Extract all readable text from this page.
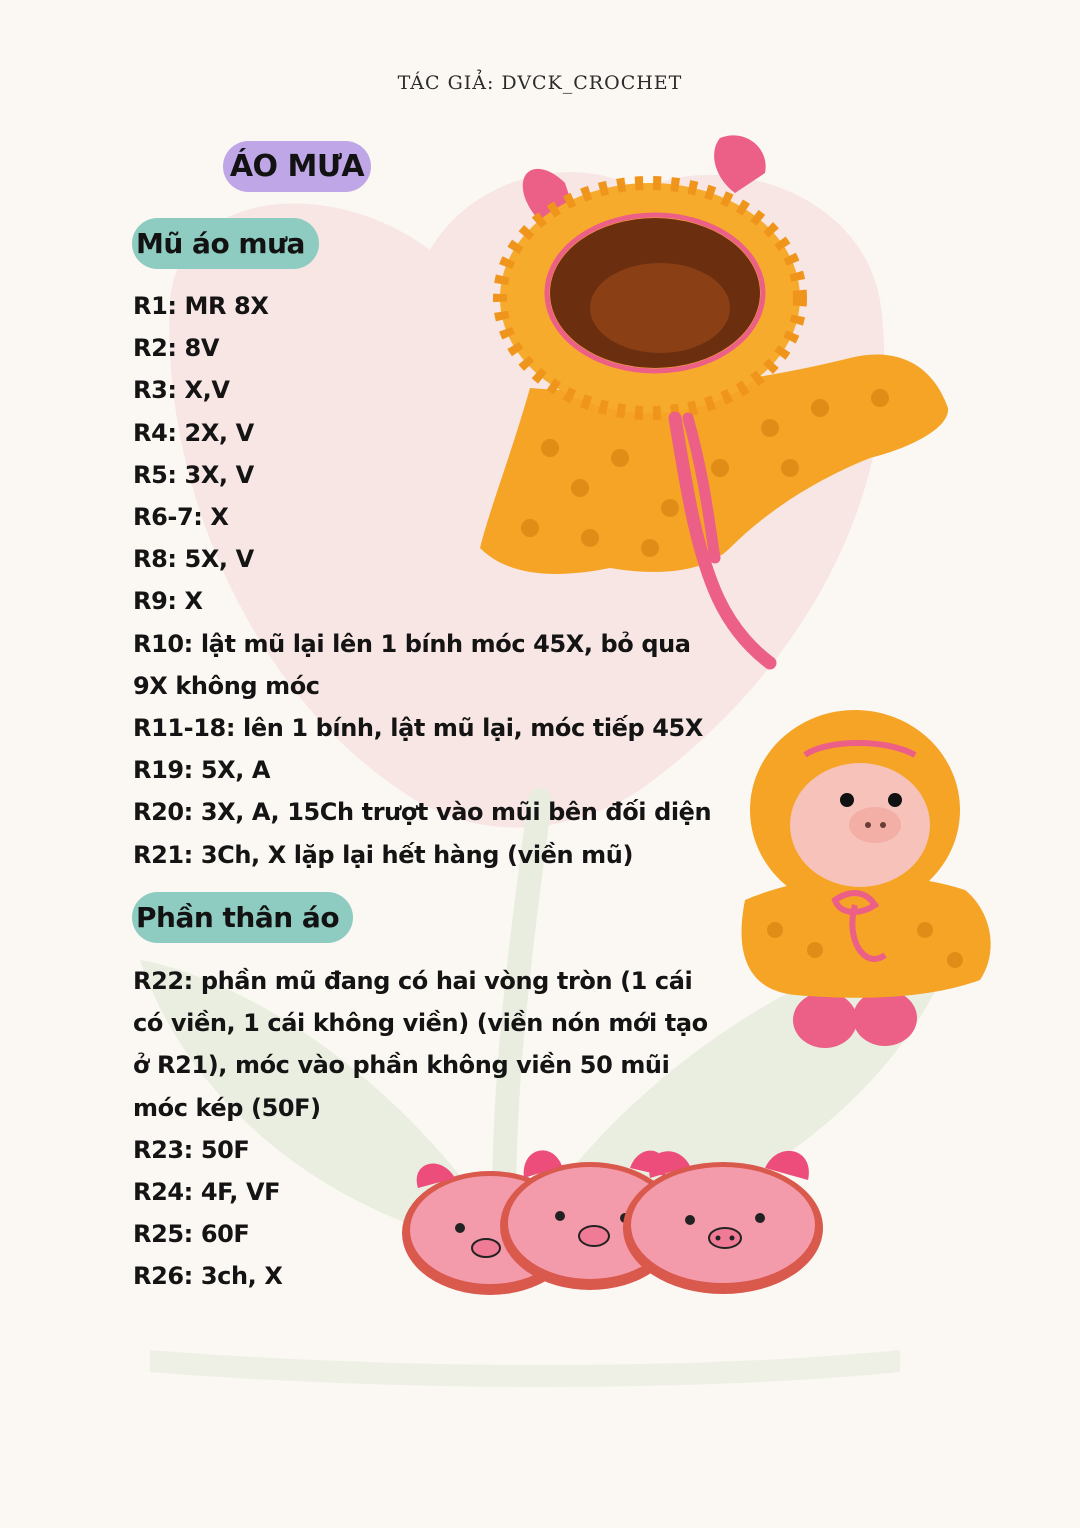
TÁC GIẢ: DVCK_CROCHET
ÁO MƯA
Mũ áo mưa
R1: MR 8X
R2: 8V
R3: X,V
R4: 2X, V
R5: 3X, V
R6-7: X
R8: 5X, V
R9: X
R10: lật mũ lại lên 1 bính móc 45X, bỏ qua
9X không móc
R11-18: lên 1 bính, lật mũ lại, móc tiếp 45X
R19: 5X, A
R20: 3X, A, 15Ch trượt vào mũi bên đối diện
R21: 3Ch, X lặp lại hết hàng (viền mũ)
Phần thân áo
R22: phần mũ đang có hai vòng tròn (1 cái
có viền, 1 cái không viền) (viền nón mới tạo
ở R21), móc vào phần không viền 50 mũi
móc kép (50F)
R23: 50F
R24: 4F, VF
R25: 60F
R26: 3ch, X
